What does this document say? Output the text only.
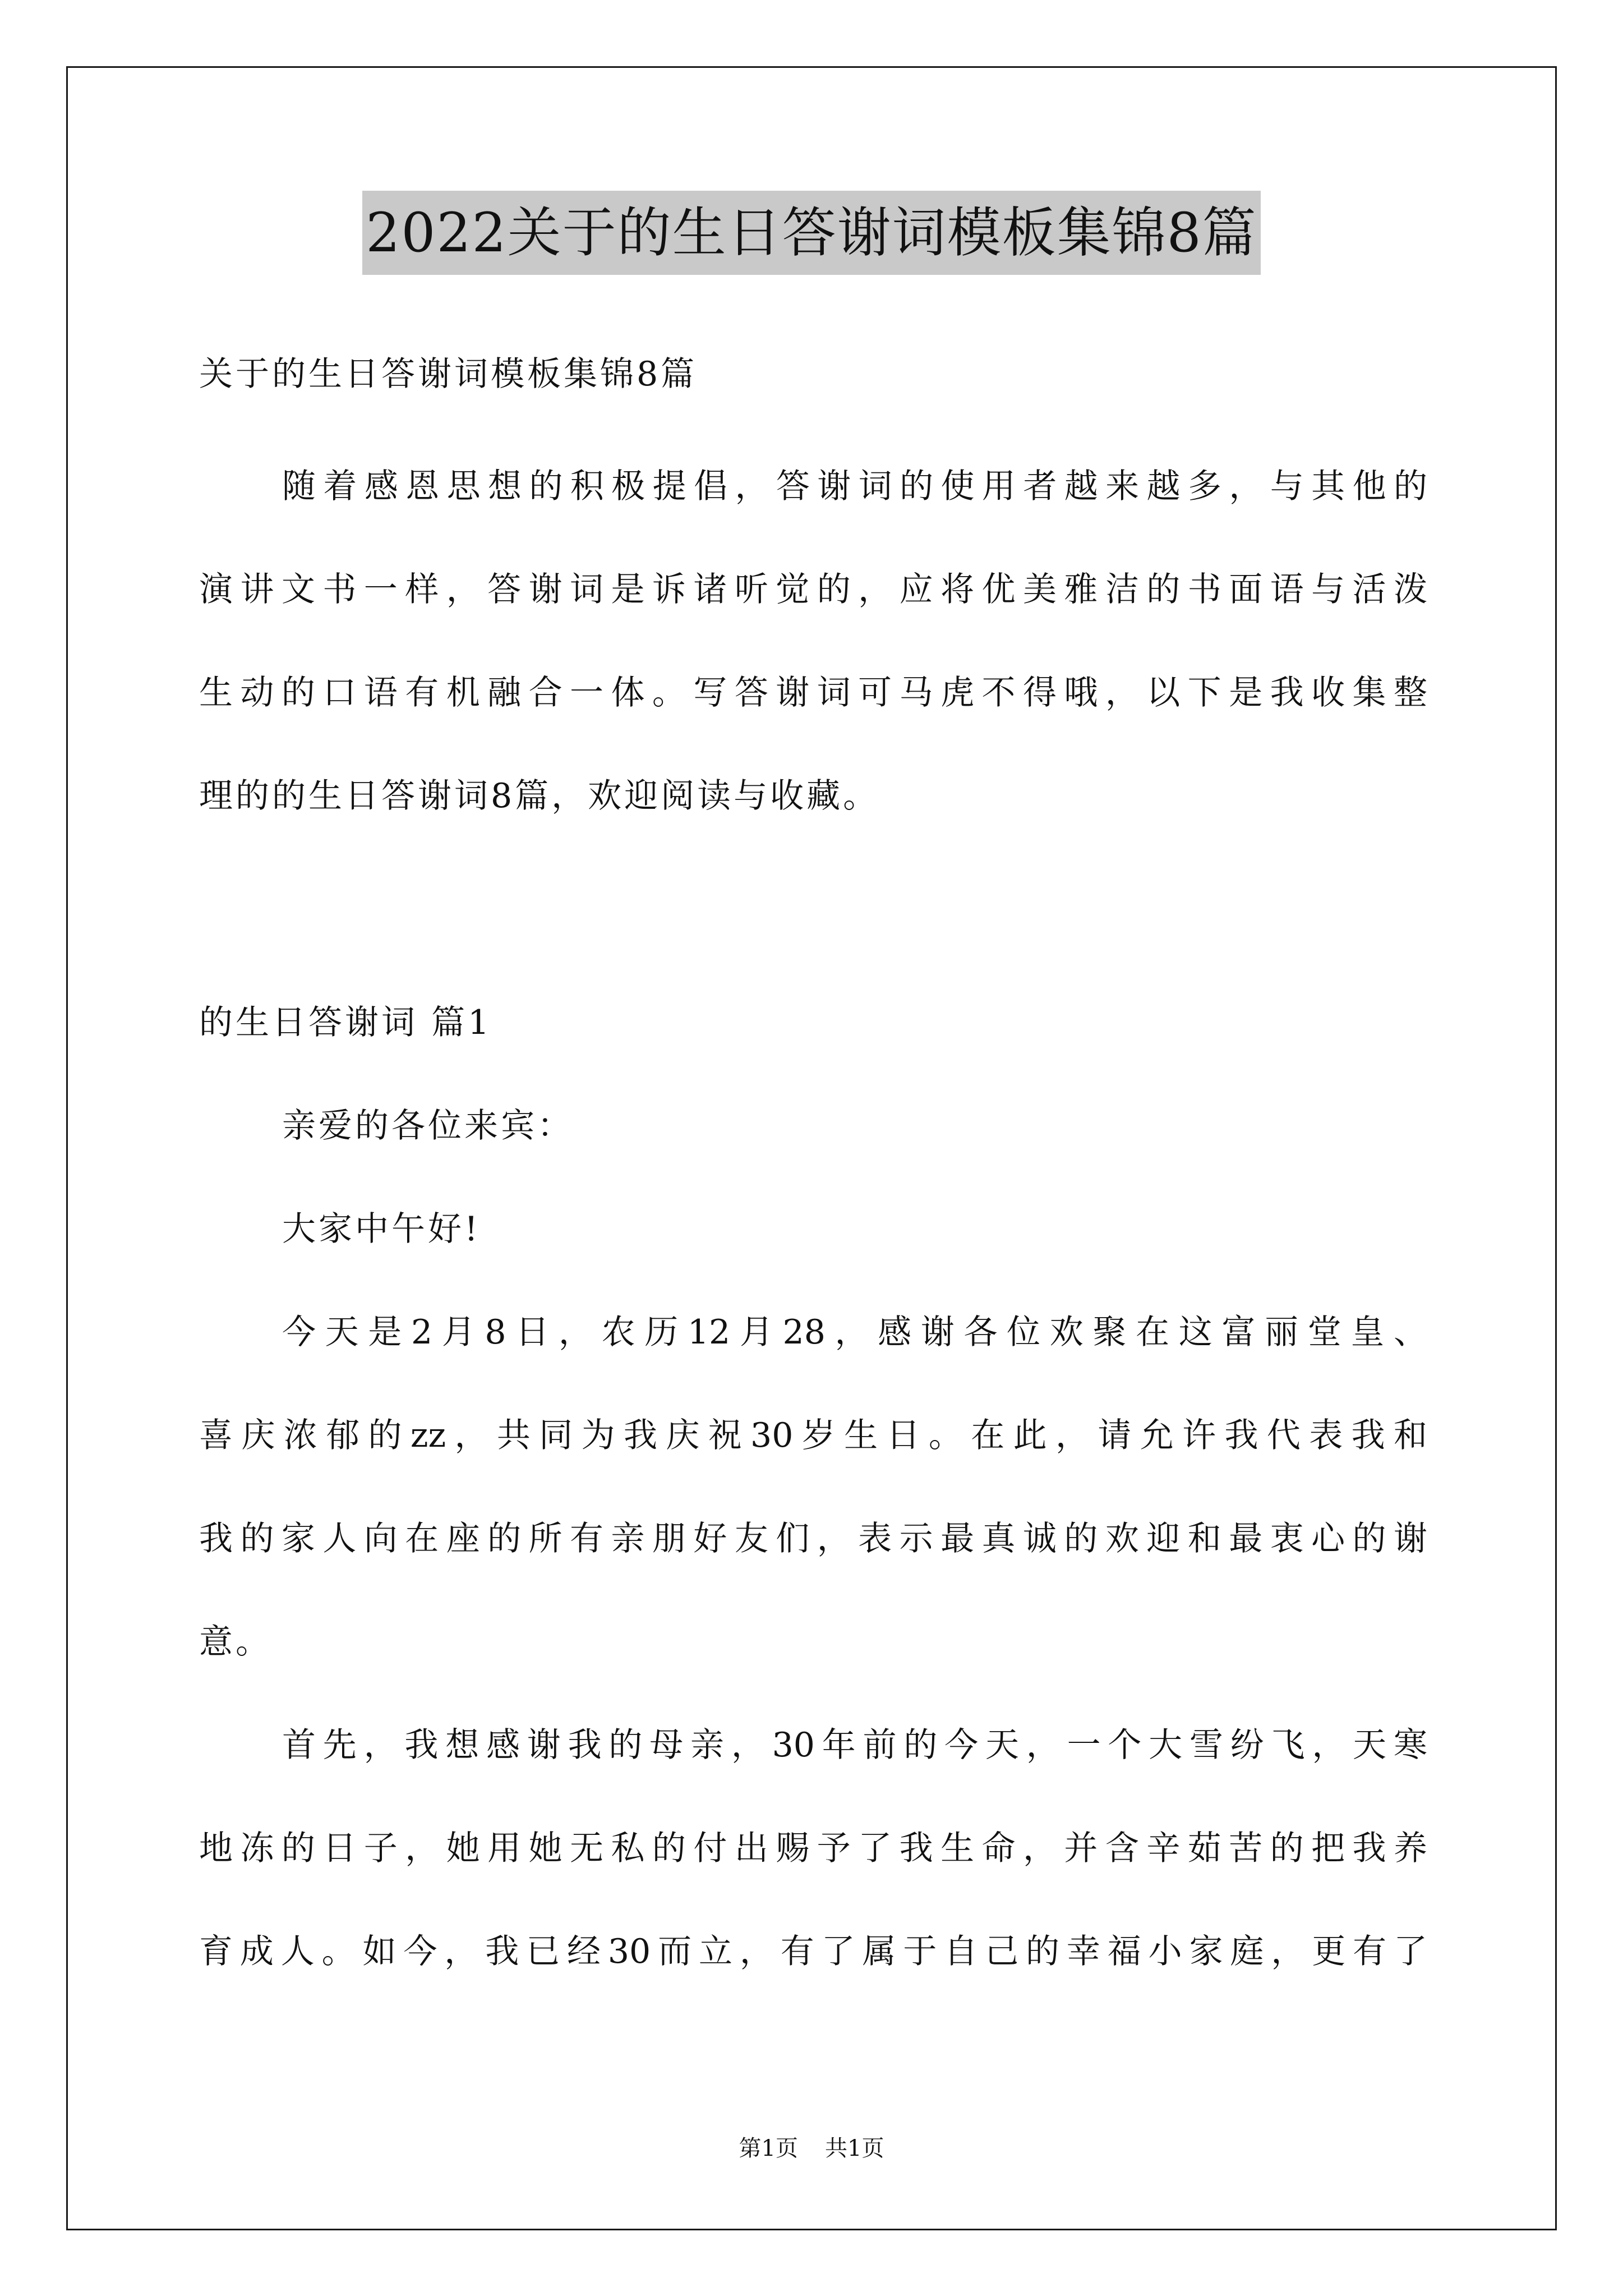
2022关于的生日答谢词模板集锦8篇
关于的生日答谢词模板集锦8篇
随着感恩思想的积极提倡，答谢词的使用者越来越多，与其他的
演讲文书一样，答谢词是诉诸听觉的，应将优美雅洁的书面语与活泼
生动的口语有机融合一体。写答谢词可马虎不得哦，以下是我收集整
理的的生日答谢词8篇，欢迎阅读与收藏。
的生日答谢词 篇1
亲爱的各位来宾：
大家中午好!
今天是2月8日，农历12月28，感谢各位欢聚在这富丽堂皇、
喜庆浓郁的zz，共同为我庆祝30岁生日。在此，请允许我代表我和
我的家人向在座的所有亲朋好友们，表示最真诚的欢迎和最衷心的谢
意。
首先，我想感谢我的母亲，30年前的今天，一个大雪纷飞，天寒
地冻的日子，她用她无私的付出赐予了我生命，并含辛茹苦的把我养
育成人。如今，我已经30而立，有了属于自己的幸福小家庭，更有了
第1页 共1页
